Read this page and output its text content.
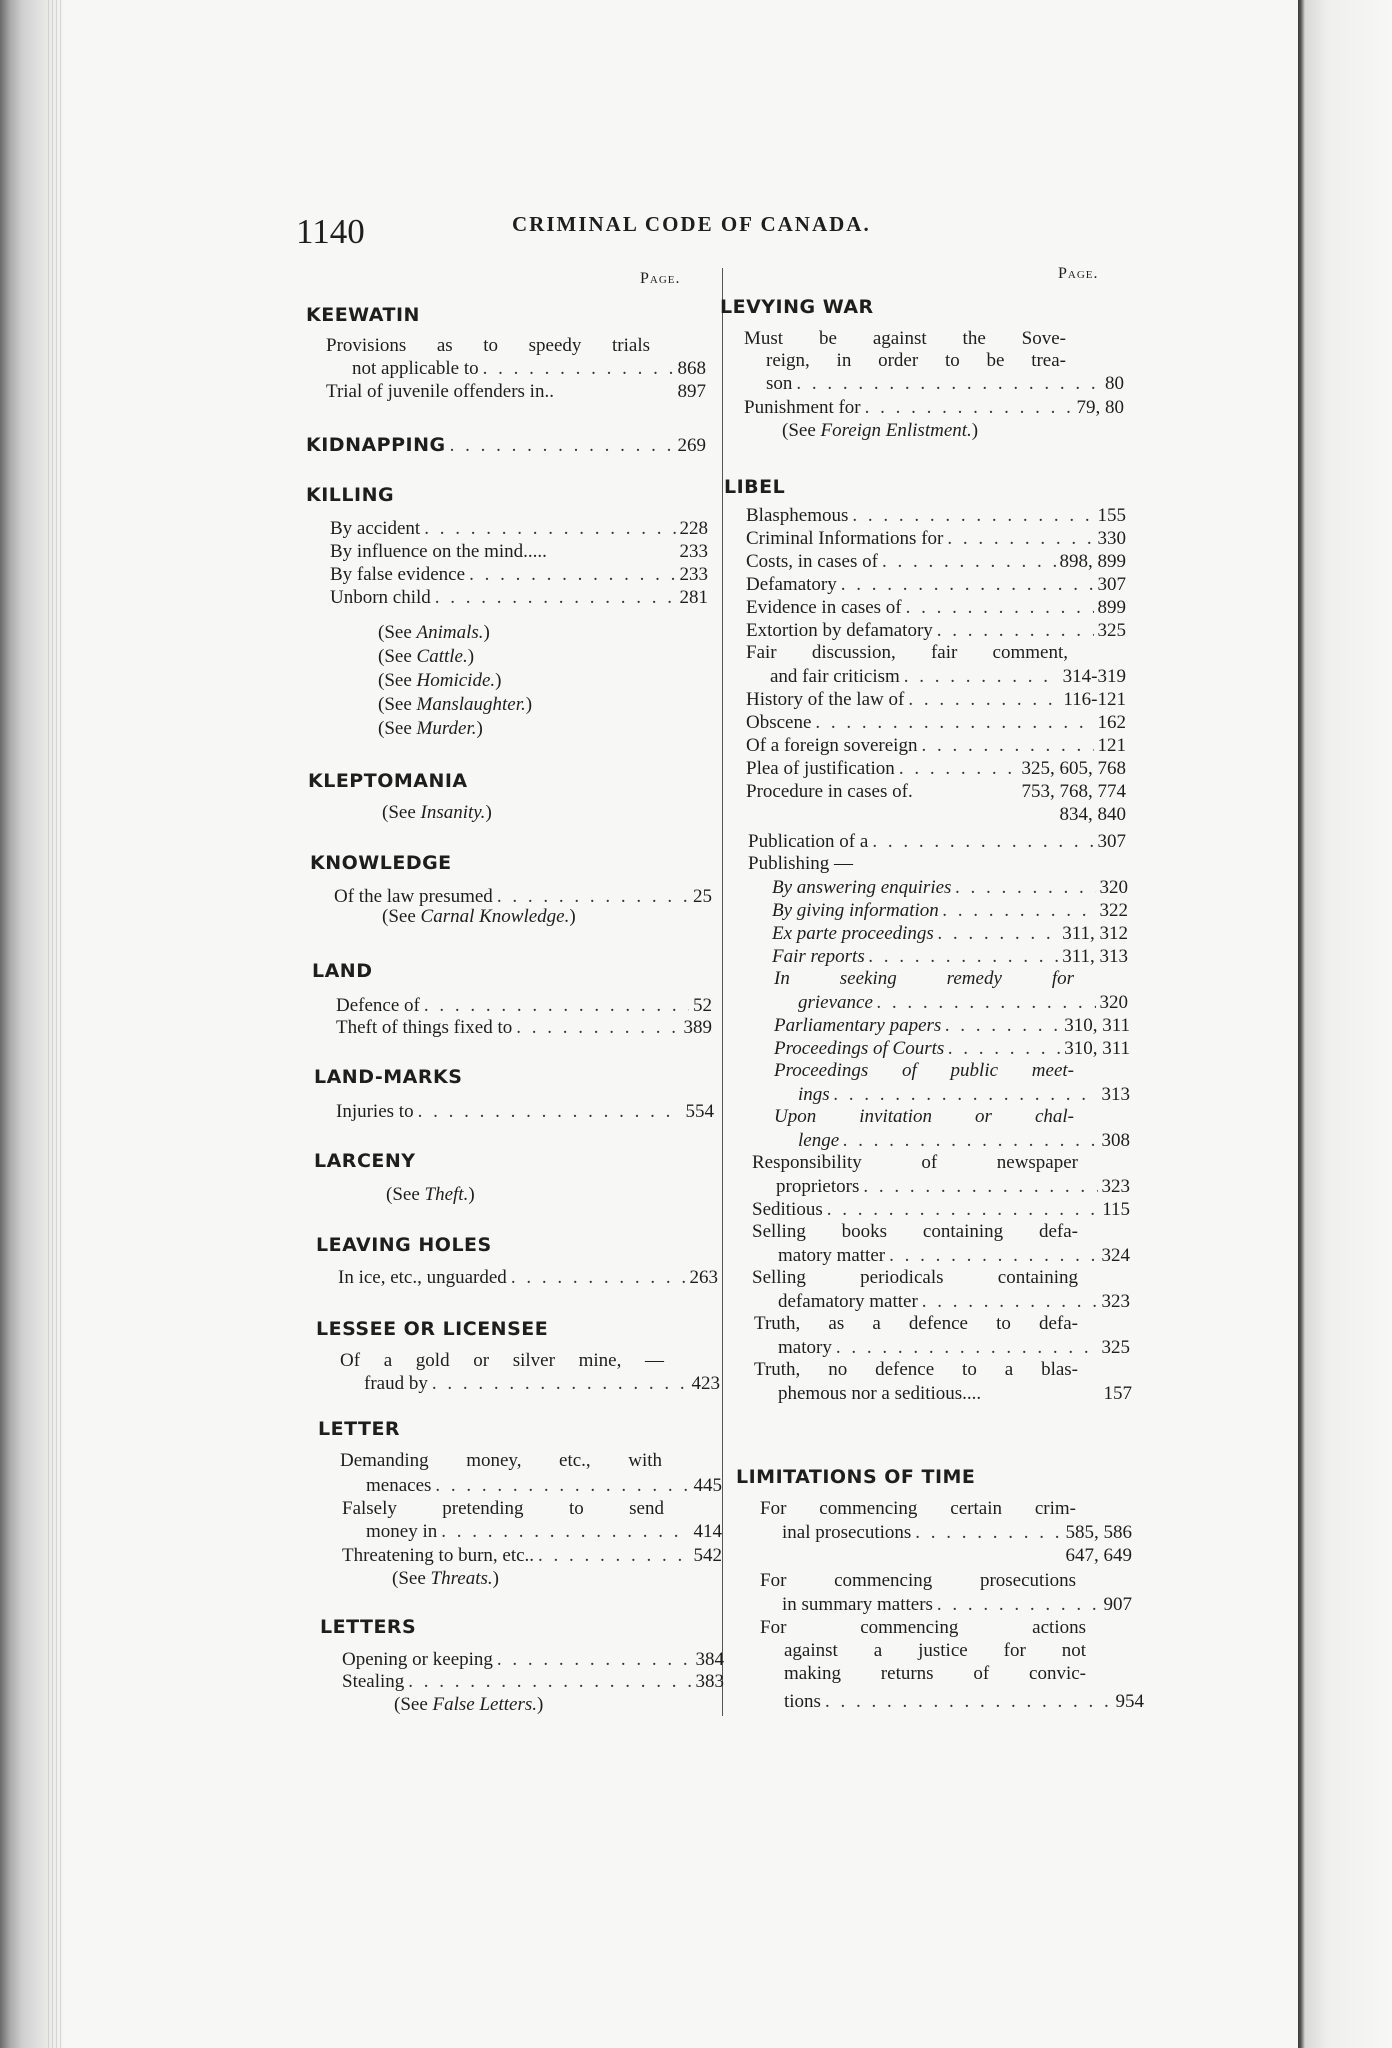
1140	CRIMINAL CODE OF CANADA.
Page.	Page.
KEEWATIN
Provisions as to speedy trials
not applicable to . . .	868
Trial of juvenile offenders in..	897
KIDNAPPING . . .	269
KILLING
By accident . . .	228
By influence on the mind.....	233
By false evidence . . .	233
Unborn child . . .	281
(See Animals.)
(See Cattle.)
(See Homicide.)
(See Manslaughter.)
(See Murder.)
KLEPTOMANIA
(See Insanity.)
KNOWLEDGE
Of the law presumed . . .	25
(See Carnal Knowledge.)
LAND
Defence of . . .	52
Theft of things fixed to . . .	389
LAND-MARKS
Injuries to . . .	554
LARCENY
(See Theft.)
LEAVING HOLES
In ice, etc., unguarded . . .	263
LESSEE OR LICENSEE
Of a gold or silver mine, —
fraud by . . .	423
LETTER
Demanding money, etc., with
menaces . . .	445
Falsely pretending to send
money in . . .	414
Threatening to burn, etc.. . . .	542
(See Threats.)
LETTERS
Opening or keeping . . .	384
Stealing . . .	383
(See False Letters.)
LEVYING WAR
Must be against the Sove-
reign, in order to be trea-
son . . .	80
Punishment for . . .	79, 80
(See Foreign Enlistment.)
LIBEL
Blasphemous . . .	155
Criminal Informations for . . .	330
Costs, in cases of . . .	898, 899
Defamatory . . .	307
Evidence in cases of . . .	899
Extortion by defamatory . . .	325
Fair discussion, fair comment,
and fair criticism . . .	314-319
History of the law of . . .	116-121
Obscene . . .	162
Of a foreign sovereign . . .	121
Plea of justification . . .	325, 605, 768
Procedure in cases of.	753, 768, 774
834, 840
Publication of a . . .	307
Publishing —
By answering enquiries . . .	320
By giving information . . .	322
Ex parte proceedings . . .	311, 312
Fair reports . . .	311, 313
In seeking remedy for
grievance . . .	320
Parliamentary papers . . .	310, 311
Proceedings of Courts . . .	310, 311
Proceedings of public meet-
ings . . .	313
Upon invitation or chal-
lenge . . .	308
Responsibility of newspaper
proprietors . . .	323
Seditious . . .	115
Selling books containing defa-
matory matter . . .	324
Selling periodicals containing
defamatory matter . . .	323
Truth, as a defence to defa-
matory . . .	325
Truth, no defence to a blas-
phemous nor a seditious....	157
LIMITATIONS OF TIME
For commencing certain crim-
inal prosecutions . . .	585, 586
647, 649
For commencing prosecutions
in summary matters . . .	907
For commencing actions
against a justice for not
making returns of convic-
tions . . .	954
